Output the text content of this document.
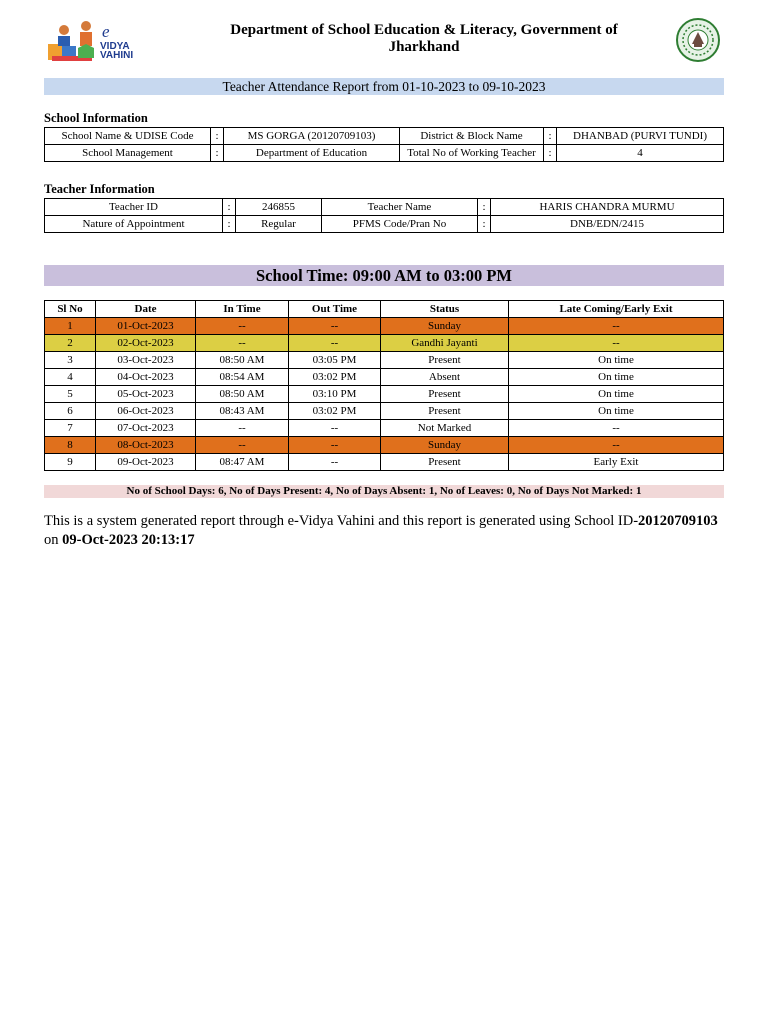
e
VIDYA
VAHINI
Department of School Education & Literacy, Government of Jharkhand
Teacher Attendance Report from 01-10-2023 to 09-10-2023
School Information
School Name & UDISE Code	:	MS GORGA (20120709103)	District & Block Name	:	DHANBAD (PURVI TUNDI)
School Management	:	Department of Education	Total No of Working Teacher	:	4
Teacher Information
Teacher ID	:	246855	Teacher Name	:	HARIS CHANDRA MURMU
Nature of Appointment	:	Regular	PFMS Code/Pran No	:	DNB/EDN/2415
School Time: 09:00 AM to 03:00 PM
Sl No	Date	In Time	Out Time	Status	Late Coming/Early Exit
1	01-Oct-2023	--	--	Sunday	--
2	02-Oct-2023	--	--	Gandhi Jayanti	--
3	03-Oct-2023	08:50 AM	03:05 PM	Present	On time
4	04-Oct-2023	08:54 AM	03:02 PM	Absent	On time
5	05-Oct-2023	08:50 AM	03:10 PM	Present	On time
6	06-Oct-2023	08:43 AM	03:02 PM	Present	On time
7	07-Oct-2023	--	--	Not Marked	--
8	08-Oct-2023	--	--	Sunday	--
9	09-Oct-2023	08:47 AM	--	Present	Early Exit
No of School Days: 6, No of Days Present: 4, No of Days Absent: 1, No of Leaves: 0, No of Days Not Marked: 1
This is a system generated report through e-Vidya Vahini and this report is generated using School ID-20120709103 on 09-Oct-2023 20:13:17
